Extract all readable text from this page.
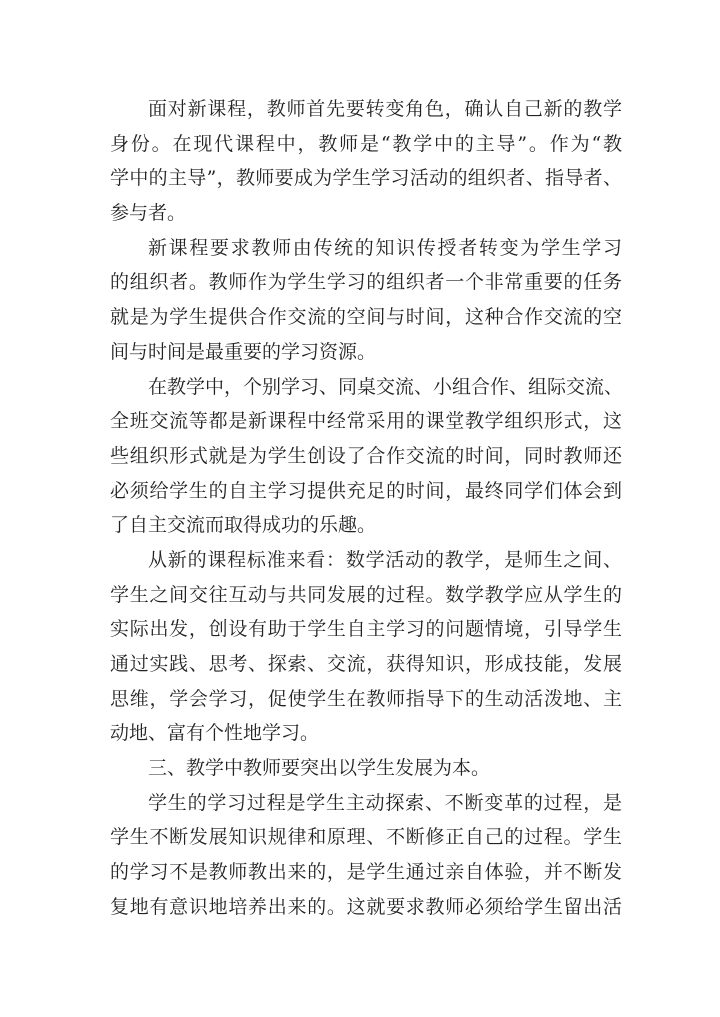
面对新课程，教师首先要转变角色，确认自己新的教学
身份。在现代课程中，教师是“教学中的主导”。作为“教
学中的主导”，教师要成为学生学习活动的组织者、指导者、
参与者。
新课程要求教师由传统的知识传授者转变为学生学习
的组织者。教师作为学生学习的组织者一个非常重要的任务
就是为学生提供合作交流的空间与时间，这种合作交流的空
间与时间是最重要的学习资源。
在教学中，个别学习、同桌交流、小组合作、组际交流、
全班交流等都是新课程中经常采用的课堂教学组织形式，这
些组织形式就是为学生创设了合作交流的时间，同时教师还
必须给学生的自主学习提供充足的时间，最终同学们体会到
了自主交流而取得成功的乐趣。
从新的课程标准来看：数学活动的教学，是师生之间、
学生之间交往互动与共同发展的过程。数学教学应从学生的
实际出发，创设有助于学生自主学习的问题情境，引导学生
通过实践、思考、探索、交流，获得知识，形成技能，发展
思维，学会学习，促使学生在教师指导下的生动活泼地、主
动地、富有个性地学习。
三、教学中教师要突出以学生发展为本。
学生的学习过程是学生主动探索、不断变革的过程，是
学生不断发展知识规律和原理、不断修正自己的过程。学生
的学习不是教师教出来的，是学生通过亲自体验，并不断发
复地有意识地培养出来的。这就要求教师必须给学生留出活
